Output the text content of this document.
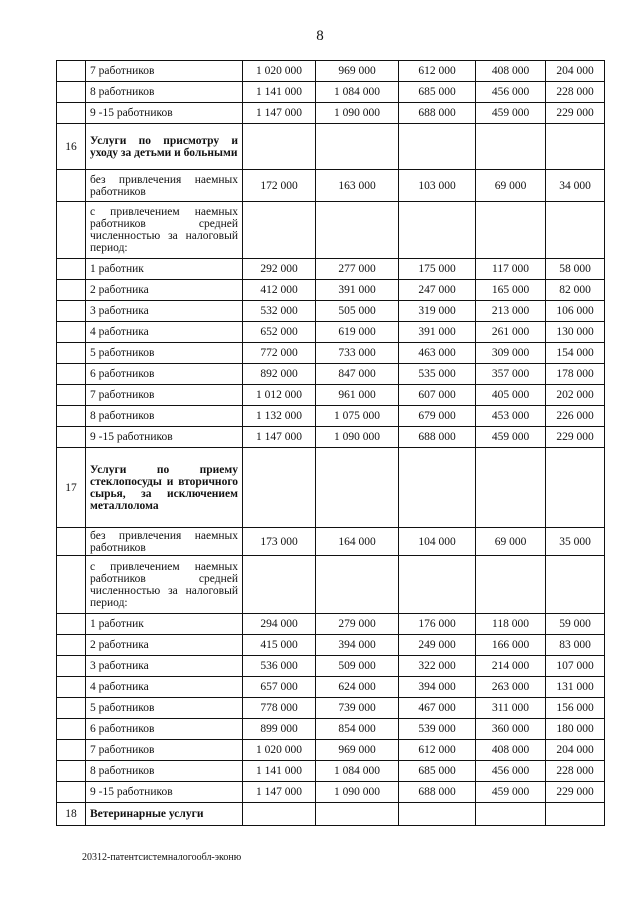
8
	7 работников	1 020 000	969 000	612 000	408 000	204 000
	8 работников	1 141 000	1 084 000	685 000	456 000	228 000
	9 -15 работников	1 147 000	1 090 000	688 000	459 000	229 000
16	Услуги по присмотру и уходу за детьми и больными					
	без привлечения наемных работников	172 000	163 000	103 000	69 000	34 000
	с привлечением наемных работников средней численностью за налоговый период:					
	1 работник	292 000	277 000	175 000	117 000	58 000
	2 работника	412 000	391 000	247 000	165 000	82 000
	3 работника	532 000	505 000	319 000	213 000	106 000
	4 работника	652 000	619 000	391 000	261 000	130 000
	5 работников	772 000	733 000	463 000	309 000	154 000
	6 работников	892 000	847 000	535 000	357 000	178 000
	7 работников	1 012 000	961 000	607 000	405 000	202 000
	8 работников	1 132 000	1 075 000	679 000	453 000	226 000
	9 -15 работников	1 147 000	1 090 000	688 000	459 000	229 000
17	Услуги по приему стеклопосуды и вторичного сырья, за исключением металлолома					
	без привлечения наемных работников	173 000	164 000	104 000	69 000	35 000
	с привлечением наемных работников средней численностью за налоговый период:					
	1 работник	294 000	279 000	176 000	118 000	59 000
	2 работника	415 000	394 000	249 000	166 000	83 000
	3 работника	536 000	509 000	322 000	214 000	107 000
	4 работника	657 000	624 000	394 000	263 000	131 000
	5 работников	778 000	739 000	467 000	311 000	156 000
	6 работников	899 000	854 000	539 000	360 000	180 000
	7 работников	1 020 000	969 000	612 000	408 000	204 000
	8 работников	1 141 000	1 084 000	685 000	456 000	228 000
	9 -15 работников	1 147 000	1 090 000	688 000	459 000	229 000
18	Ветеринарные услуги					
20312-патентсистемналогообл-эконю
